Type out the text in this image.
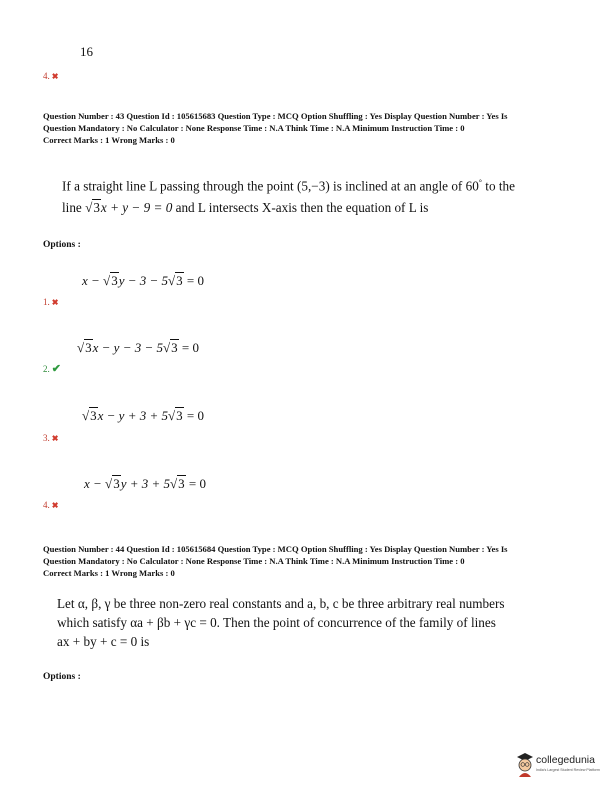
16
4. ✖
Question Number : 43 Question Id : 105615683 Question Type : MCQ Option Shuffling : Yes Display Question Number : Yes Is
Question Mandatory : No Calculator : None Response Time : N.A Think Time : N.A Minimum Instruction Time : 0
Correct Marks : 1 Wrong Marks : 0
If a straight line L passing through the point (5,−3) is inclined at an angle of 60° to the
line √3x + y − 9 = 0 and L intersects X-axis then the equation of L is
Options :
x − √3y − 3 − 5√3 = 0
1. ✖
√3x − y − 3 − 5√3 = 0
2. ✔
√3x − y + 3 + 5√3 = 0
3. ✖
x − √3y + 3 + 5√3 = 0
4. ✖
Question Number : 44 Question Id : 105615684 Question Type : MCQ Option Shuffling : Yes Display Question Number : Yes Is
Question Mandatory : No Calculator : None Response Time : N.A Think Time : N.A Minimum Instruction Time : 0
Correct Marks : 1 Wrong Marks : 0
Let α, β, γ be three non-zero real constants and a, b, c be three arbitrary real numbers
which satisfy αa + βb + γc = 0. Then the point of concurrence of the family of lines
ax + by + c = 0 is
Options :
collegedunia
India's Largest Student Review Platform
